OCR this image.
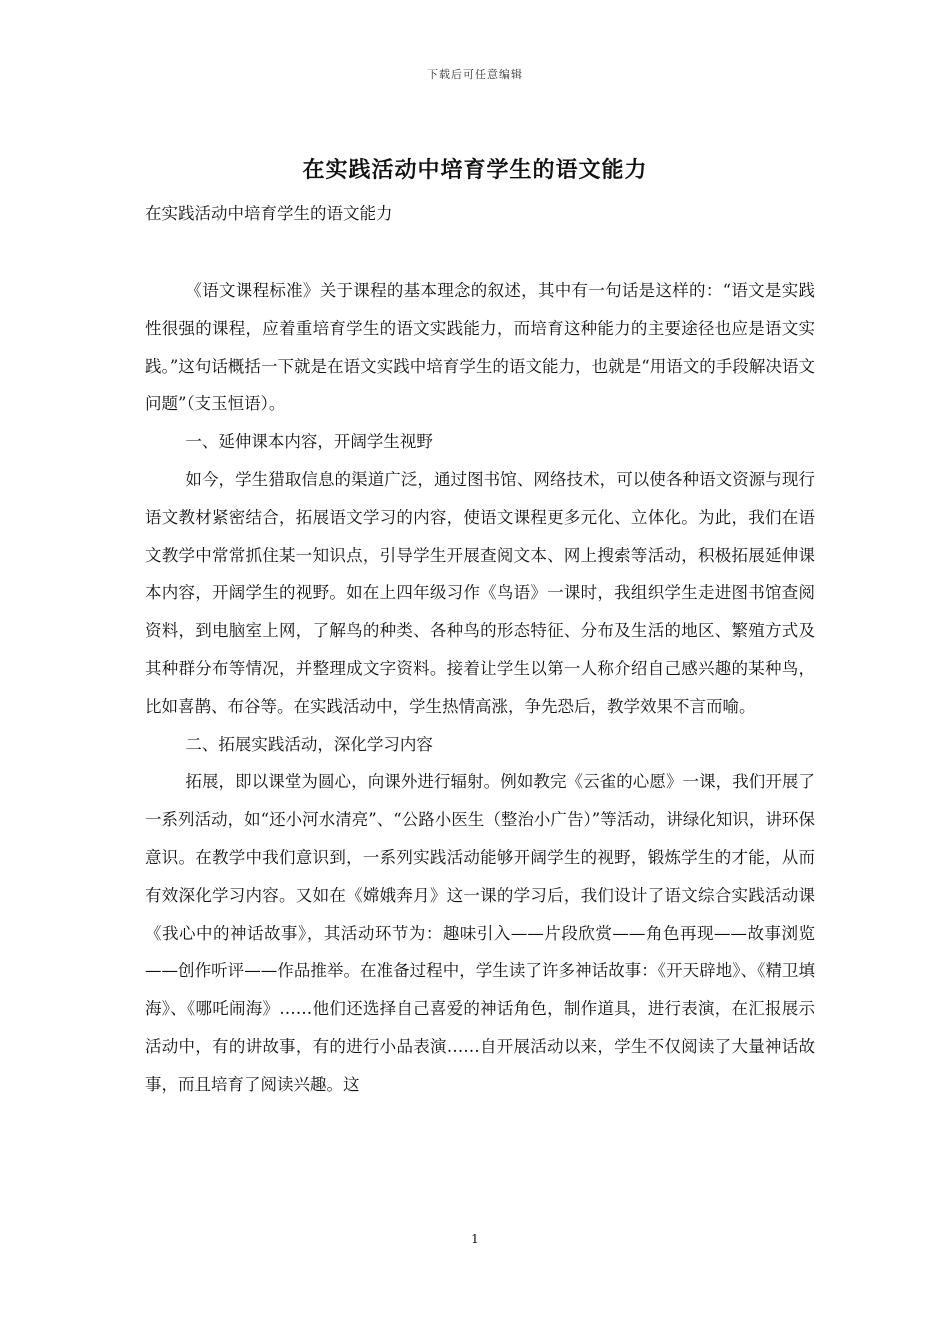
下载后可任意编辑
在实践活动中培育学生的语文能力
在实践活动中培育学生的语文能力

《语文课程标准》关于课程的基本理念的叙述，其中有一句话是这样的：“语文是实践性很强的课程，应着重培育学生的语文实践能力，而培育这种能力的主要途径也应是语文实践。”这句话概括一下就是在语文实践中培育学生的语文能力，也就是“用语文的手段解决语文问题”（支玉恒语）。

一、延伸课本内容，开阔学生视野

如今，学生猎取信息的渠道广泛，通过图书馆、网络技术，可以使各种语文资源与现行语文教材紧密结合，拓展语文学习的内容，使语文课程更多元化、立体化。为此，我们在语文教学中常常抓住某一知识点，引导学生开展查阅文本、网上搜索等活动，积极拓展延伸课本内容，开阔学生的视野。如在上四年级习作《鸟语》一课时，我组织学生走进图书馆查阅资料，到电脑室上网，了解鸟的种类、各种鸟的形态特征、分布及生活的地区、繁殖方式及其种群分布等情况，并整理成文字资料。接着让学生以第一人称介绍自己感兴趣的某种鸟，比如喜鹊、布谷等。在实践活动中，学生热情高涨，争先恐后，教学效果不言而喻。

二、拓展实践活动，深化学习内容

拓展，即以课堂为圆心，向课外进行辐射。例如教完《云雀的心愿》一课，我们开展了一系列活动，如“还小河水清亮”、“公路小医生（整治小广告）”等活动，讲绿化知识，讲环保意识。在教学中我们意识到，一系列实践活动能够开阔学生的视野，锻炼学生的才能，从而有效深化学习内容。又如在《嫦娥奔月》这一课的学习后，我们设计了语文综合实践活动课《我心中的神话故事》，其活动环节为：趣味引入——片段欣赏——角色再现——故事浏览——创作听评——作品推举。在准备过程中，学生读了许多神话故事：《开天辟地》、《精卫填海》、《哪吒闹海》……他们还选择自己喜爱的神话角色，制作道具，进行表演，在汇报展示活动中，有的讲故事，有的进行小品表演……自开展活动以来，学生不仅阅读了大量神话故事，而且培育了阅读兴趣。这

1
